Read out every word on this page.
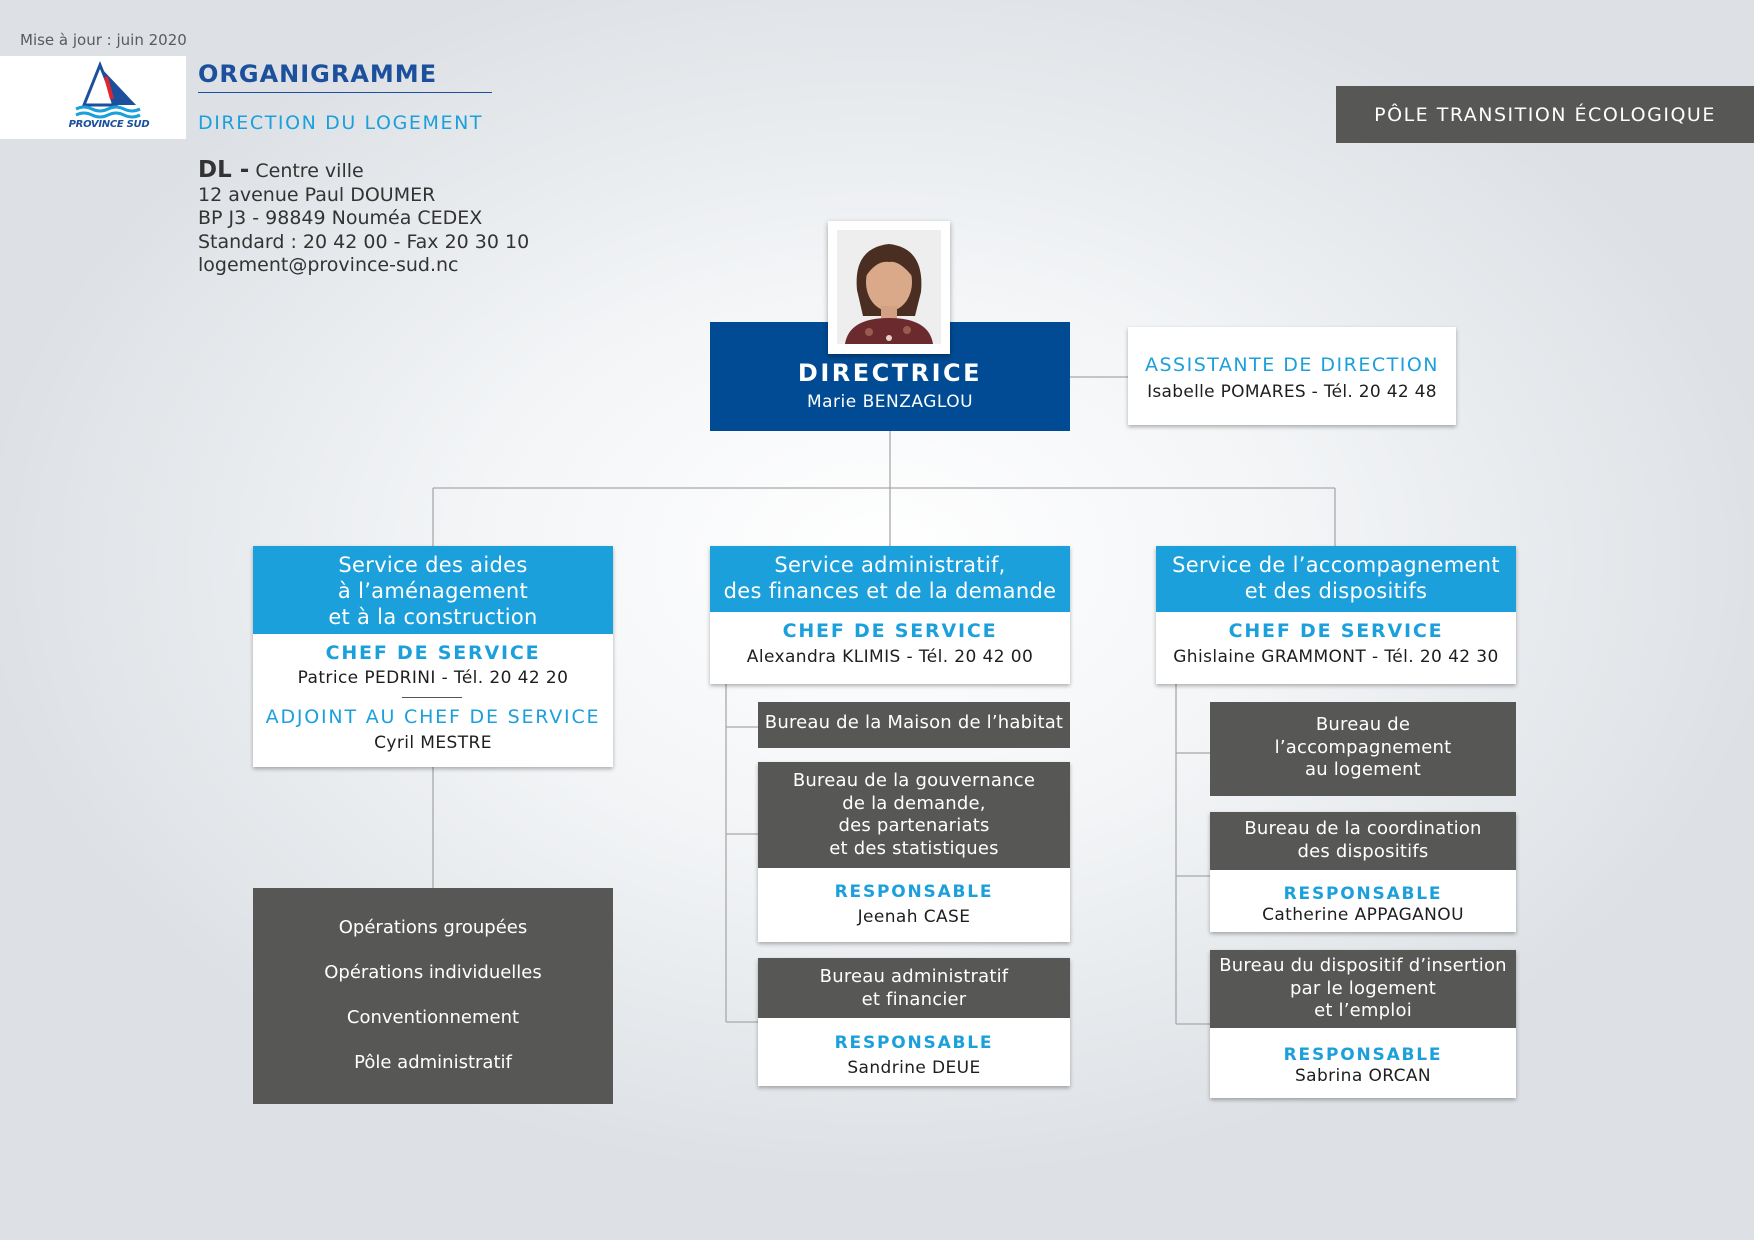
Mise à jour : juin 2020
PROVINCE SUD
ORGANIGRAMME
DIRECTION DU LOGEMENT
DL - Centre ville
12 avenue Paul DOUMER
BP J3 - 98849 Nouméa CEDEX
Standard : 20 42 00 - Fax 20 30 10
logement@province-sud.nc
PÔLE TRANSITION ÉCOLOGIQUE
DIRECTRICE
Marie BENZAGLOU
ASSISTANTE DE DIRECTION
Isabelle POMARES - Tél. 20 42 48
Service des aides
à l’aménagement
et à la construction
CHEF DE SERVICE
Patrice PEDRINI - Tél. 20 42 20
ADJOINT AU CHEF DE SERVICE
Cyril MESTRE
Opérations groupées
Opérations individuelles
Conventionnement
Pôle administratif
Service administratif,
des finances et de la demande
CHEF DE SERVICE
Alexandra KLIMIS - Tél. 20 42 00
Bureau de la Maison de l’habitat
Bureau de la gouvernance
de la demande,
des partenariats
et des statistiques
RESPONSABLE
Jeenah CASE
Bureau administratif
et financier
RESPONSABLE
Sandrine DEUE
Service de l’accompagnement
et des dispositifs
CHEF DE SERVICE
Ghislaine GRAMMONT - Tél. 20 42 30
Bureau de
l’accompagnement
au logement
Bureau de la coordination
des dispositifs
RESPONSABLE
Catherine APPAGANOU
Bureau du dispositif d’insertion
par le logement
et l’emploi
RESPONSABLE
Sabrina ORCAN
